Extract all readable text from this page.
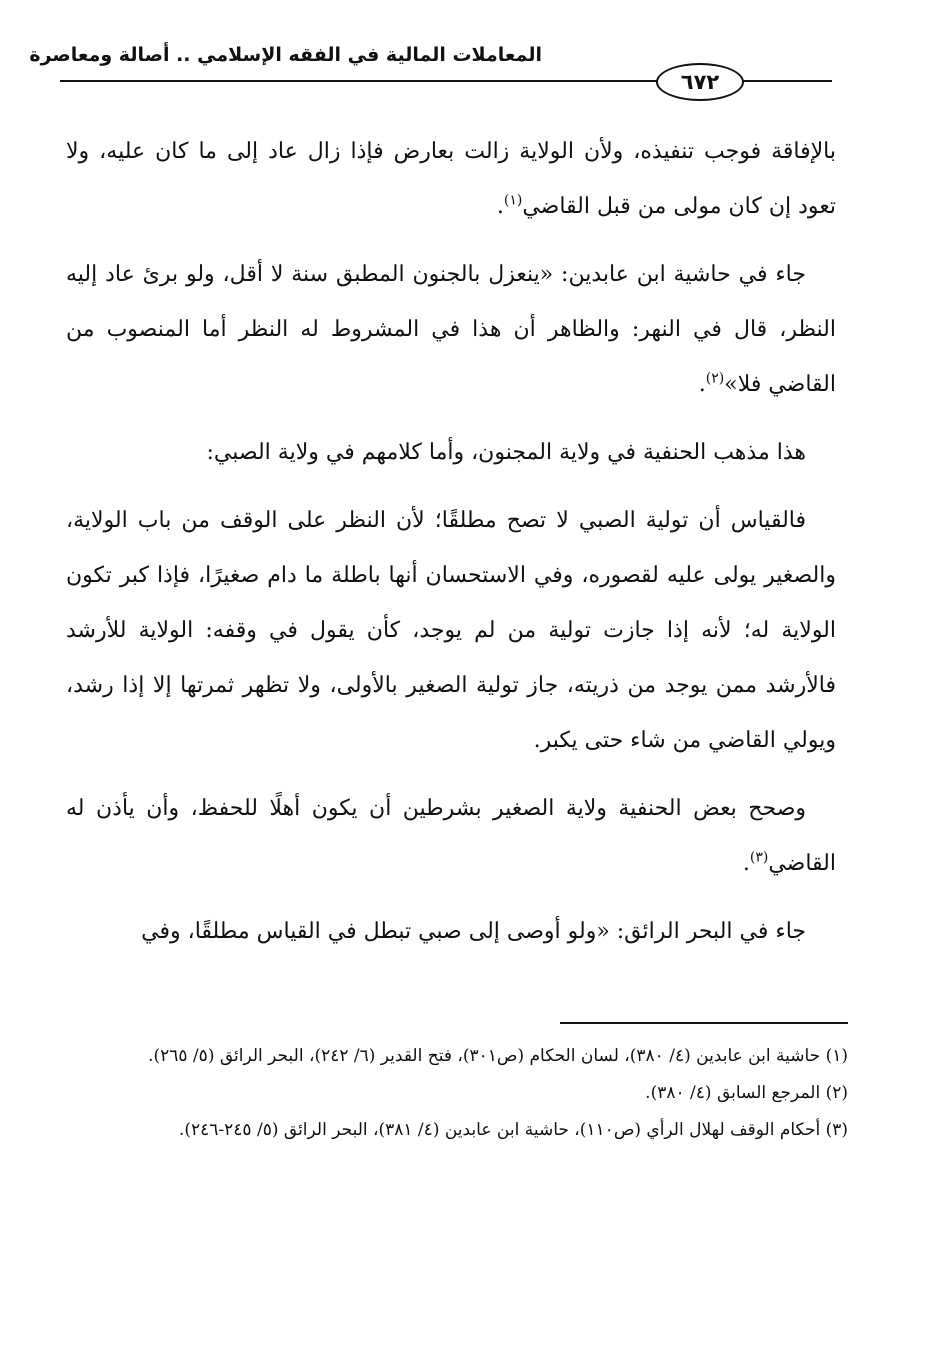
المعاملات المالية في الفقه الإسلامي .. أصالة ومعاصرة
٦٧٢

بالإفاقة فوجب تنفيذه، ولأن الولاية زالت بعارض فإذا زال عاد إلى ما كان عليه، ولا تعود إن كان مولى من قبل القاضي$^{(١)}$.

جاء في حاشية ابن عابدين: «ينعزل بالجنون المطبق سنة لا أقل، ولو برئ عاد إليه النظر، قال في النهر: والظاهر أن هذا في المشروط له النظر أما المنصوب من القاضي فلا»$^{(٢)}$.

هذا مذهب الحنفية في ولاية المجنون، وأما كلامهم في ولاية الصبي:

فالقياس أن تولية الصبي لا تصح مطلقًا؛ لأن النظر على الوقف من باب الولاية، والصغير يولى عليه لقصوره، وفي الاستحسان أنها باطلة ما دام صغيرًا، فإذا كبر تكون الولاية له؛ لأنه إذا جازت تولية من لم يوجد، كأن يقول في وقفه: الولاية للأرشد فالأرشد ممن يوجد من ذريته، جاز تولية الصغير بالأولى، ولا تظهر ثمرتها إلا إذا رشد، ويولي القاضي من شاء حتى يكبر.

وصحح بعض الحنفية ولاية الصغير بشرطين أن يكون أهلًا للحفظ، وأن يأذن له القاضي$^{(٣)}$.

جاء في البحر الرائق: «ولو أوصى إلى صبي تبطل في القياس مطلقًا، وفي

(١) حاشية ابن عابدين (٤/ ٣٨٠)، لسان الحكام (ص٣٠١)، فتح القدير (٦/ ٢٤٢)، البحر الرائق (٥/ ٢٦٥).
(٢) المرجع السابق (٤/ ٣٨٠).
(٣) أحكام الوقف لهلال الرأي (ص١١٠)، حاشية ابن عابدين (٤/ ٣٨١)، البحر الرائق (٥/ ٢٤٥-٢٤٦).
